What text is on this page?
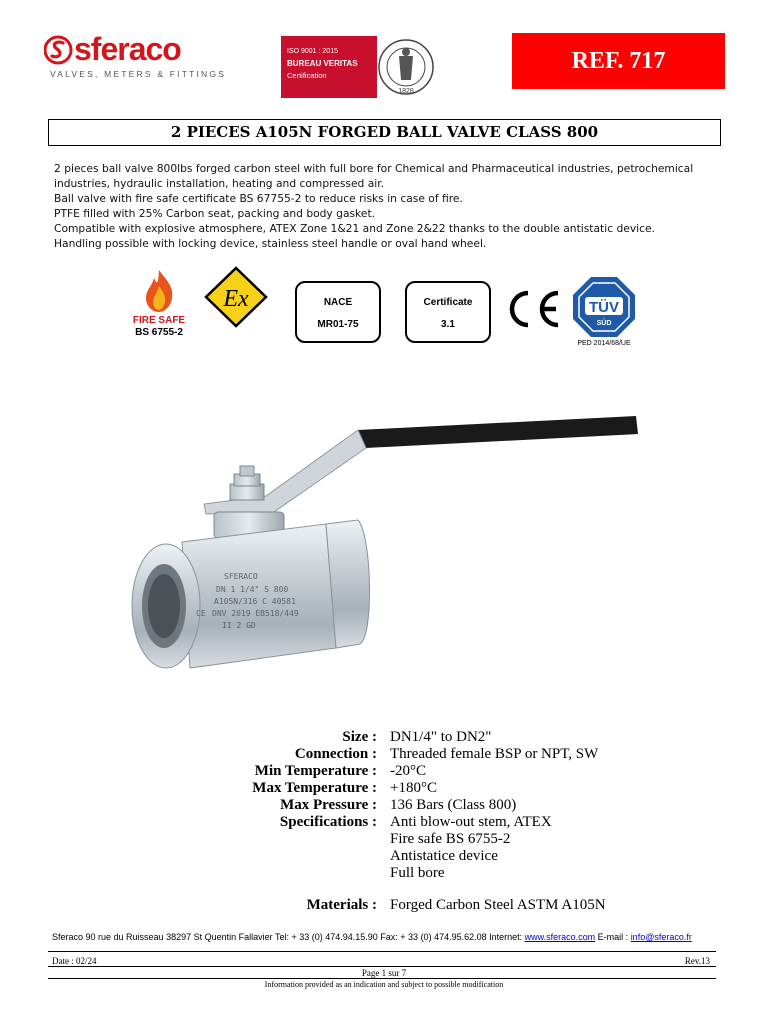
sferaco
VALVES, METERS & FITTINGS
ISO 9001 : 2015
BUREAU VERITAS
Certification
1828
REF. 717
2 PIECES A105N FORGED BALL VALVE CLASS 800

2 pieces ball valve 800lbs forged carbon steel with full bore for Chemical and Pharmaceutical industries, petrochemical

industries, hydraulic installation, heating and compressed air.

Ball valve with fire safe certificate BS 67755-2 to reduce risks in case of fire.

PTFE filled with 25% Carbon seat, packing and body gasket.

Compatible with explosive atmosphere, ATEX Zone 1&21 and Zone 2&22 thanks to the double antistatic device.

Handling possible with locking device, stainless steel handle or oval hand wheel.

FIRE SAFE
BS 6755-2
Ex	NACE
MR01-75
Certificate
3.1
TÜV
SÜD
PED 2014/68/UE
SFERACO
DN 1 1/4" S 800
A105N/316 C 40581
DNV 2019 EB518/449
II 2 GD
CE
Size : DN1/4" to DN2"
Connection : Threaded female BSP or NPT, SW
Min Temperature : -20°C
Max Temperature : +180°C
Max Pressure : 136 Bars (Class 800)
Specifications : Anti blow-out stem, ATEX
Fire safe BS 6755-2
Antistatice device
Full bore
Materials : Forged Carbon Steel ASTM A105N
Sferaco 90 rue du Ruisseau 38297 St Quentin Fallavier Tel: + 33 (0) 474.94.15.90 Fax: + 33 (0) 474.95.62.08 Internet: www.sferaco.com E-mail : info@sferaco.fr
Date : 02/24	Rev.13
Page 1 sur 7
Information provided as an indication and subject to possible modification
